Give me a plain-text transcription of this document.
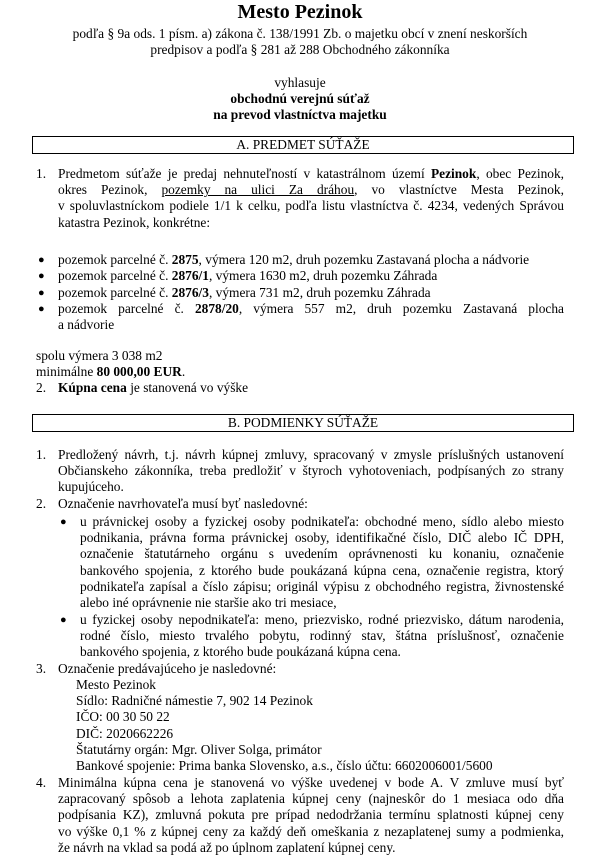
Mesto Pezinok
podľa § 9a ods. 1 písm. a) zákona č. 138/1991 Zb. o majetku obcí v znení neskorších
predpisov a podľa § 281 až 288 Obchodného zákonníka
vyhlasuje
obchodnú verejnú súťaž
na prevod vlastníctva majetku
A. PREDMET SÚŤAŽE
1. Predmetom súťaže je predaj nehnuteľností v katastrálnom území Pezinok, obec Pezinok,

okres Pezinok, pozemky na ulici Za dráhou, vo vlastníctve Mesta Pezinok,

v spoluvlastníckom podiele 1/1 k celku, podľa listu vlastníctva č. 4234, vedených Správou

katastra Pezinok, konkrétne:

● pozemok parcelné č. 2875, výmera 120 m2, druh pozemku Zastavaná plocha a nádvorie
● pozemok parcelné č. 2876/1, výmera 1630 m2, druh pozemku Záhrada
● pozemok parcelné č. 2876/3, výmera 731 m2, druh pozemku Záhrada
● pozemok parcelné č. 2878/20, výmera 557 m2, druh pozemku Zastavaná plocha

a nádvorie

spolu výmera 3 038 m2
minimálne 80 000,00 EUR.
2. Kúpna cena je stanovená vo výške
B. PODMIENKY SÚŤAŽE
1. Predložený návrh, t.j. návrh kúpnej zmluvy, spracovaný v zmysle príslušných ustanovení

Občianskeho zákonníka, treba predložiť v štyroch vyhotoveniach, podpísaných zo strany

kupujúceho.

2. Označenie navrhovateľa musí byť nasledovné:
● u právnickej osoby a fyzickej osoby podnikateľa: obchodné meno, sídlo alebo miesto

podnikania, právna forma právnickej osoby, identifikačné číslo, DIČ alebo IČ DPH,

označenie štatutárneho orgánu s uvedením oprávnenosti ku konaniu, označenie

bankového spojenia, z ktorého bude poukázaná kúpna cena, označenie registra, ktorý

podnikateľa zapísal a číslo zápisu; originál výpisu z obchodného registra, živnostenské

alebo iné oprávnenie nie staršie ako tri mesiace,

● u fyzickej osoby nepodnikateľa: meno, priezvisko, rodné priezvisko, dátum narodenia,

rodné číslo, miesto trvalého pobytu, rodinný stav, štátna príslušnosť, označenie

bankového spojenia, z ktorého bude poukázaná kúpna cena.

3. Označenie predávajúceho je nasledovné:

Mesto Pezinok

Sídlo: Radničné námestie 7, 902 14 Pezinok

IČO: 00 30 50 22

DIČ: 2020662226

Štatutárny orgán: Mgr. Oliver Solga, primátor

Bankové spojenie: Prima banka Slovensko, a.s., číslo účtu: 6602006001/5600

4. Minimálna kúpna cena je stanovená vo výške uvedenej v bode A. V zmluve musí byť

zapracovaný spôsob a lehota zaplatenia kúpnej ceny (najneskôr do 1 mesiaca odo dňa

podpísania KZ), zmluvná pokuta pre prípad nedodržania termínu splatnosti kúpnej ceny

vo výške 0,1 % z kúpnej ceny za každý deň omeškania z nezaplatenej sumy a podmienka,

že návrh na vklad sa podá až po úplnom zaplatení kúpnej ceny.
